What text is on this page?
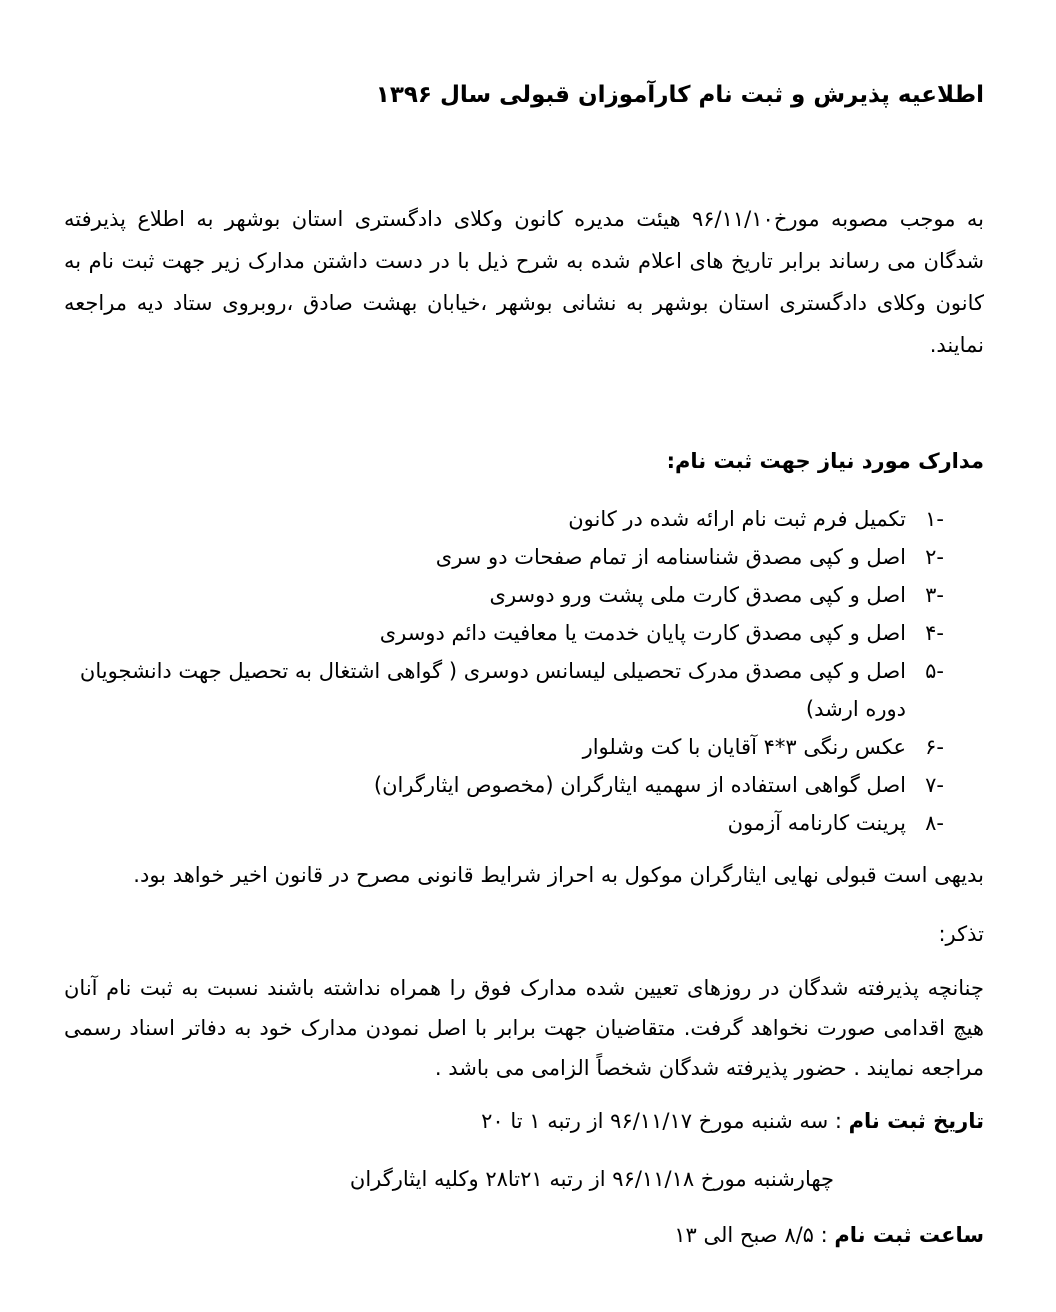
اطلاعیه پذیرش و ثبت نام کارآموزان قبولی سال ۱۳۹۶
به موجب مصوبه مورخ۹۶/۱۱/۱۰ هیئت مدیره کانون وکلای دادگستری استان بوشهر به اطلاع پذیرفته شدگان می رساند برابر تاریخ های اعلام شده به شرح ذیل با در دست داشتن مدارک زیر جهت ثبت نام به کانون وکلای دادگستری استان بوشهر به نشانی بوشهر ،خیابان بهشت صادق ،روبروی ستاد دیه مراجعه نمایند.
مدارک مورد نیاز جهت ثبت نام:
-۱
تکمیل فرم ثبت نام ارائه شده در کانون
-۲
اصل و کپی مصدق شناسنامه از تمام صفحات دو سری
-۳
اصل و کپی مصدق کارت ملی پشت ورو دوسری
-۴
اصل و کپی مصدق کارت پایان خدمت یا معافیت دائم دوسری
-۵
اصل و کپی مصدق مدرک تحصیلی لیسانس دوسری ( گواهی اشتغال به تحصیل جهت دانشجویان دوره ارشد)
-۶
عکس رنگی ۳*۴ آقایان با کت وشلوار
-۷
اصل گواهی استفاده از سهمیه ایثارگران (مخصوص ایثارگران)
-۸
پرینت کارنامه آزمون
بدیهی است قبولی نهایی ایثارگران موکول به احراز شرایط قانونی مصرح در قانون اخیر خواهد بود.
تذکر:
چنانچه پذیرفته شدگان در روزهای تعیین شده مدارک فوق را همراه نداشته باشند نسبت به ثبت نام آنان هیچ اقدامی صورت نخواهد گرفت. متقاضیان جهت برابر با اصل نمودن مدارک خود به دفاتر اسناد رسمی مراجعه نمایند . حضور پذیرفته شدگان شخصاً الزامی می باشد .
تاریخ ثبت نام : سه شنبه مورخ ۹۶/۱۱/۱۷ از رتبه ۱ تا ۲۰
چهارشنبه مورخ ۹۶/۱۱/۱۸ از رتبه ۲۱تا۲۸ وکلیه ایثارگران
ساعت ثبت نام : ۸/۵ صبح الی ۱۳
